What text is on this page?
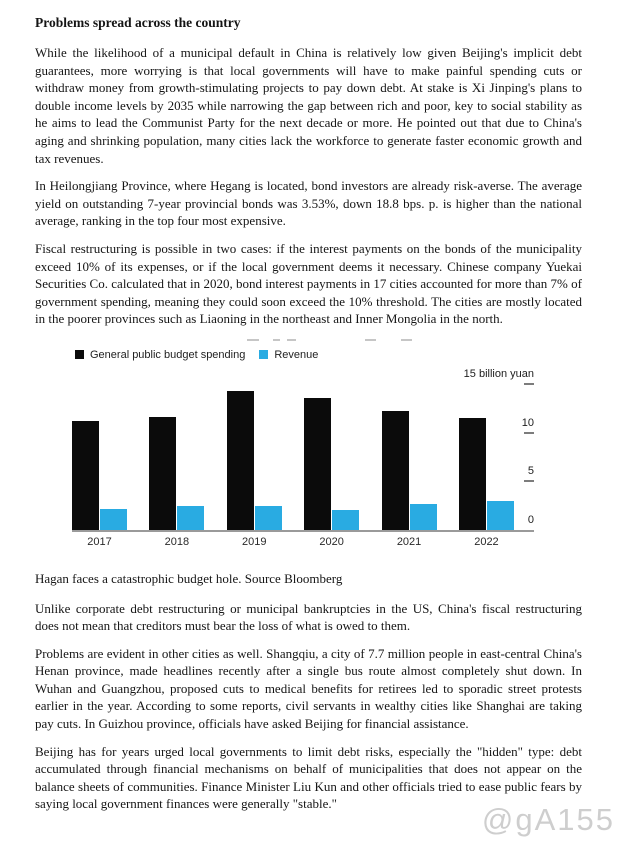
Problems spread across the country

While the likelihood of a municipal default in China is relatively low given Beijing's implicit debt guarantees, more worrying is that local governments will have to make painful spending cuts or withdraw money from growth-stimulating projects to pay down debt. At stake is Xi Jinping's plans to double income levels by 2035 while narrowing the gap between rich and poor, key to social stability as he aims to lead the Communist Party for the next decade or more. He pointed out that due to China's aging and shrinking population, many cities lack the workforce to generate faster economic growth and tax revenues.

In Heilongjiang Province, where Hegang is located, bond investors are already risk-averse. The average yield on outstanding 7-year provincial bonds was 3.53%, down 18.8 bps. p. is higher than the national average, ranking in the top four most expensive.

Fiscal restructuring is possible in two cases: if the interest payments on the bonds of the municipality exceed 10% of its expenses, or if the local government deems it necessary. Chinese company Yuekai Securities Co. calculated that in 2020, bond interest payments in 17 cities accounted for more than 7% of government spending, meaning they could soon exceed the 10% threshold. The cities are mostly located in the poorer provinces such as Liaoning in the northeast and Inner Mongolia in the north.

General public budget spending	Revenue
15 billion yuan
10
5
0
2017	2018	2019	2020	2021	2022

Hagan faces a catastrophic budget hole. Source Bloomberg

Unlike corporate debt restructuring or municipal bankruptcies in the US, China's fiscal restructuring does not mean that creditors must bear the loss of what is owed to them.

Problems are evident in other cities as well. Shangqiu, a city of 7.7 million people in east-central China's Henan province, made headlines recently after a single bus route almost completely shut down. In Wuhan and Guangzhou, proposed cuts to medical benefits for retirees led to sporadic street protests earlier in the year. According to some reports, civil servants in wealthy cities like Shanghai are taking pay cuts. In Guizhou province, officials have asked Beijing for financial assistance.

Beijing has for years urged local governments to limit debt risks, especially the "hidden" type: debt accumulated through financial mechanisms on behalf of municipalities that does not appear on the balance sheets of communities. Finance Minister Liu Kun and other officials tried to ease public fears by saying local government finances were generally "stable."	@gA155
